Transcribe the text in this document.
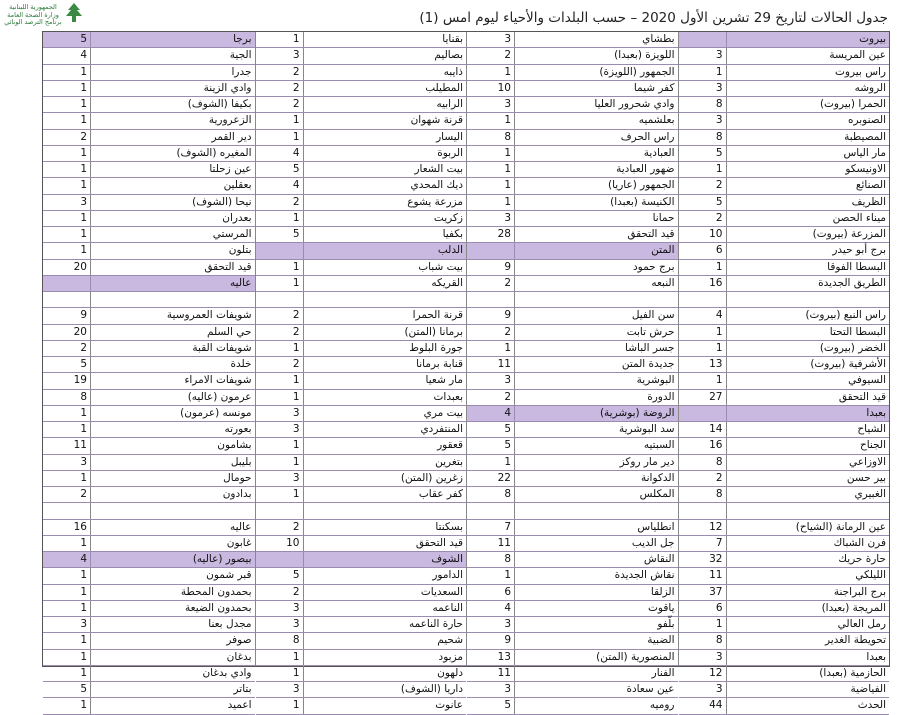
الجمهورية اللبنانية
وزارة الصحة العامة
برنامج الترصد الوبائي	جدول الحالات لتاريخ 29 تشرين الأول 2020 – حسب البلدات والأحياء ليوم امس (1)
بيروت
عين المريسة
3
راس بيروت
1
الروشه
3
الحمرا (بيروت)
8
الصنوبره
3
المصيطبة
8
مار الياس
5
الاونيسكو
1
الصنائع
2
الظريف
5
ميناء الحصن
2
المزرعة (بيروت)
10
برج أبو حيدر
6
البسطا الفوقا
1
الطريق الجديدة
16
راس النبع (بيروت)
4
البسطا التحتا
1
الخضر (بيروت)
1
الأشرفية (بيروت)
13
السيوفي
1
قيد التحقق
27
بعبدا
الشياح
14
الجناح
16
الاوزاعي
8
بير حسن
2
الغبيري
8
عين الرمانة (الشياح)
12
فرن الشباك
7
حارة حريك
32
الليلكي
11
برج البراجنة
37
المريجة (بعبدا)
6
رمل العالي
1
تحويطة الغدير
8
بعبدا
3
الحازمية (بعبدا)
12
الفياضية
3
الحدث
44
بطشاي
3
اللويزة (بعبدا)
2
الجمهور (اللويزة)
1
كفر شيما
10
وادي شحرور العليا
3
بعلشميه
1
راس الحرف
8
العبادية
1
ضهور العبادية
1
الجمهور (عاريا)
1
الكنيسة (بعبدا)
1
حمانا
3
قيد التحقق
28
المتن
برج حمود
9
النبعه
2
سن الفيل
9
حرش تابت
2
جسر الباشا
1
جديدة المتن
11
البوشرية
3
الدورة
2
الروضة (بوشرية)
4
سد البوشرية
5
السبتيه
5
دير مار روكز
1
الدكوانة
22
المكلس
8
انطلياس
7
جل الديب
11
النقاش
8
نقاش الجديدة
1
الزلقا
6
ياقوت
4
بلّفو
3
الضبية
9
المنصورية (المتن)
13
الفنار
11
عين سعادة
3
روميه
5
بقنايا
1
بصاليم
3
ذايبه
2
المطيلب
2
الرابيه
2
قرنة شهوان
1
اليسار
1
الربوة
4
بيت الشعار
5
ديك المحدي
4
مزرعة يشوع
2
زكريت
1
بكفيا
5
الدلب
بيت شباب
1
القريكه
1
قرنة الحمرا
2
برمانا (المتن)
2
جورة البلوط
1
قنابة برمانا
2
مار شعيا
1
بعبدات
1
بيت مري
3
المنتفردي
3
قعقور
1
بتغرين
1
زغرين (المتن)
3
كفر عقاب
1
بسكنتا
2
قيد التحقق
10
الشوف
الدامور
5
السعديات
2
الناعمه
3
حارة الناعمه
3
شحيم
8
مزبود
1
دلهون
1
داريا (الشوف)
3
عانوت
1
برجا
5
الجية
4
جدرا
1
وادي الزينة
1
بكيفا (الشوف)
1
الزعرورية
1
دير القمر
2
المغيره (الشوف)
1
عين زحلتا
1
بعقلين
1
نيحا (الشوف)
3
بعدران
1
المرستي
1
بتلون
1
قيد التحقق
20
عاليه
شويفات العمروسية
9
حي السلم
20
شويفات القبة
2
خلدة
5
شويفات الامراء
19
عرمون (عاليه)
8
مونسه (عرمون)
1
بعورته
1
بشامون
11
بليبل
3
حومال
1
بدادون
2
عاليه
16
غابون
1
بيصور (عاليه)
4
قبر شمون
1
بحمدون المحطة
1
بحمدون الضيعة
1
مجدل بعنا
3
صوفر
1
بدغان
1
وادي بدغان
1
بتاتر
5
اعميد
1
